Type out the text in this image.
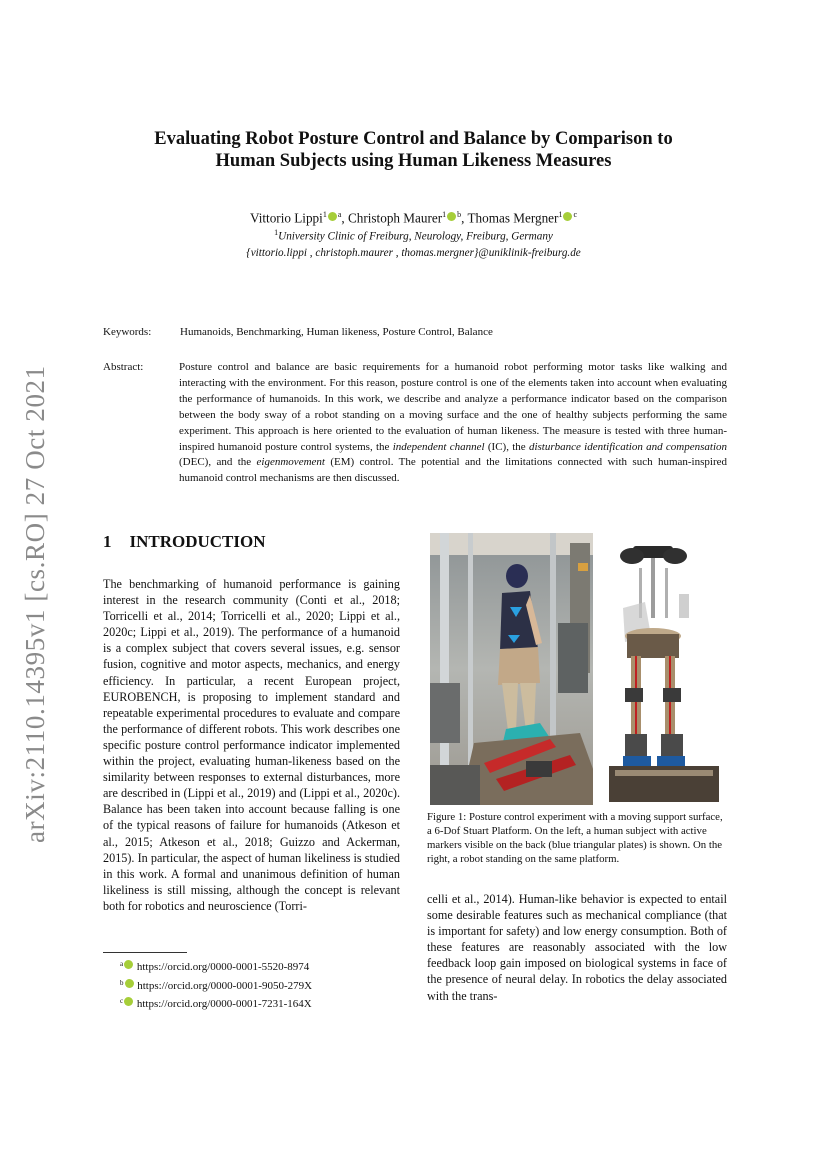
arXiv:2110.14395v1 [cs.RO] 27 Oct 2021
Evaluating Robot Posture Control and Balance by Comparison to
Human Subjects using Human Likeness Measures
Vittorio Lippi$^1$ $^a$, Christoph Maurer$^1$ $^b$, Thomas Mergner$^1$ $^c$
$^1$University Clinic of Freiburg, Neurology, Freiburg, Germany
{vittorio.lippi , christoph.maurer , thomas.mergner}@uniklinik-freiburg.de
Keywords:	Humanoids, Benchmarking, Human likeness, Posture Control, Balance
Abstract:	Posture control and balance are basic requirements for a humanoid robot performing motor tasks like walking and interacting with the environment. For this reason, posture control is one of the elements taken into account when evaluating the performance of humanoids. In this work, we describe and analyze a performance indicator based on the comparison between the body sway of a robot standing on a moving surface and the one of healthy subjects performing the same experiment. This approach is here oriented to the evaluation of human likeness. The measure is tested with three human-inspired humanoid posture control systems, the independent channel (IC), the disturbance identification and compensation (DEC), and the eigenmovement (EM) control. The potential and the limitations connected with such human-inspired humanoid control mechanisms are then discussed.
1 INTRODUCTION
The benchmarking of humanoid performance is gaining interest in the research community (Conti et al., 2018; Torricelli et al., 2014; Torricelli et al., 2020; Lippi et al., 2020c; Lippi et al., 2019). The performance of a humanoid is a complex subject that covers several issues, e.g. sensor fusion, cognitive and motor aspects, mechanics, and energy efficiency. In particular, a recent European project, EUROBENCH, is proposing to implement standard and repeatable experimental procedures to evaluate and compare the performance of different robots. This work describes one specific posture control performance indicator implemented within the project, evaluating human-likeness based on the similarity between responses to external disturbances, more are described in (Lippi et al., 2019) and (Lippi et al., 2020c). Balance has been taken into account because falling is one of the typical reasons of failure for humanoids (Atkeson et al., 2015; Atkeson et al., 2018; Guizzo and Ackerman, 2015). In particular, the aspect of human likeliness is studied in this work. A formal and unanimous definition of human likeliness is still missing, although the concept is relevant both for robotics and neuroscience (Torri-
$^a$ https://orcid.org/0000-0001-5520-8974
$^b$ https://orcid.org/0000-0001-9050-279X
$^c$ https://orcid.org/0000-0001-7231-164X
Figure 1: Posture control experiment with a moving support surface, a 6-Dof Stuart Platform. On the left, a human subject with active markers visible on the back (blue triangular plates) is shown. On the right, a robot standing on the same platform.
celli et al., 2014). Human-like behavior is expected to entail some desirable features such as mechanical compliance (that is important for safety) and low energy consumption. Both of these features are reasonably associated with the low feedback loop gain imposed on biological systems in face of the presence of neural delay. In robotics the delay associated with the trans-
